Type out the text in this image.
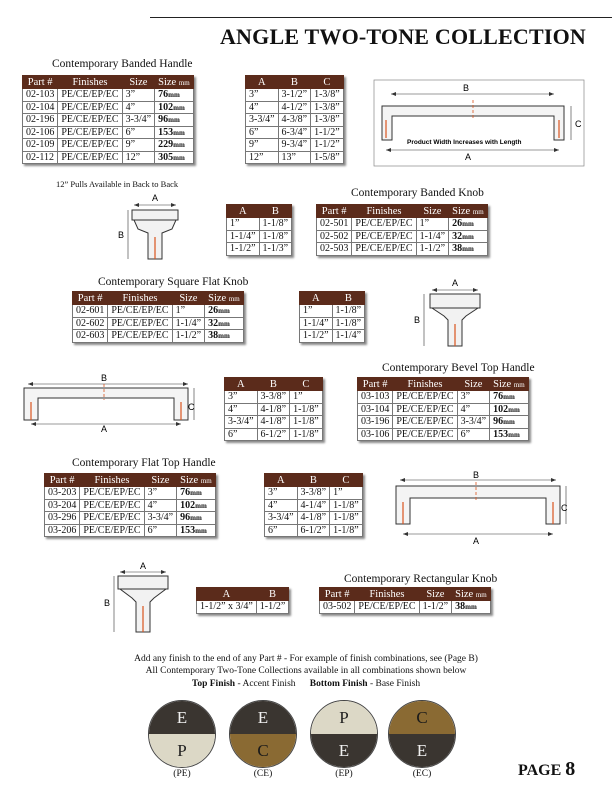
ANGLE TWO-TONE COLLECTION
Contemporary Banded Handle
Part #	Finishes	Size	Size mm
02-103	PE/CE/EP/EC	3”	76mm
02-104	PE/CE/EP/EC	4”	102mm
02-196	PE/CE/EP/EC	3-3/4”	96mm
02-106	PE/CE/EP/EC	6”	153mm
02-109	PE/CE/EP/EC	9”	229mm
02-112	PE/CE/EP/EC	12”	305mm
12” Pulls Available in Back to Back
A	B	C
3”	3-1/2”	1-3/8”
4”	4-1/2”	1-3/8”
3-3/4”	4-3/8”	1-3/8”
6”	6-3/4”	1-1/2”
9”	9-3/4”	1-1/2”
12”	13”	1-5/8”
B
C
Product Width Increases with Length
A
Contemporary Banded Knob
A
B
A	B
1”	1-1/8”
1-1/4”	1-1/8”
1-1/2”	1-1/3”
Part #	Finishes	Size	Size mm
02-501	PE/CE/EP/EC	1”	26mm
02-502	PE/CE/EP/EC	1-1/4”	32mm
02-503	PE/CE/EP/EC	1-1/2”	38mm
Contemporary Square Flat Knob
Part #	Finishes	Size	Size mm
02-601	PE/CE/EP/EC	1”	26mm
02-602	PE/CE/EP/EC	1-1/4”	32mm
02-603	PE/CE/EP/EC	1-1/2”	38mm
A	B
1”	1-1/8”
1-1/4”	1-1/8”
1-1/2”	1-1/4”
A
B
Contemporary Bevel Top Handle
B
C
A
A	B	C
3”	3-3/8”	1”
4”	4-1/8”	1-1/8”
3-3/4”	4-1/8”	1-1/8”
6”	6-1/2”	1-1/8”
Part #	Finishes	Size	Size mm
03-103	PE/CE/EP/EC	3”	76mm
03-104	PE/CE/EP/EC	4”	102mm
03-196	PE/CE/EP/EC	3-3/4”	96mm
03-106	PE/CE/EP/EC	6”	153mm
Contemporary Flat Top Handle
Part #	Finishes	Size	Size mm
03-203	PE/CE/EP/EC	3”	76mm
03-204	PE/CE/EP/EC	4”	102mm
03-296	PE/CE/EP/EC	3-3/4”	96mm
03-206	PE/CE/EP/EC	6”	153mm
A	B	C
3”	3-3/8”	1”
4”	4-1/4”	1-1/8”
3-3/4”	4-1/8”	1-1/8”
6”	6-1/2”	1-1/8”
B
C
A
A
B
A	B
1-1/2” x 3/4”	1-1/2”
Contemporary Rectangular Knob
Part #	Finishes	Size	Size mm
03-502	PE/CE/EP/EC	1-1/2”	38mm
Add any finish to the end of any Part # - For example of finish combinations, see (Page B)
All Contemporary Two-Tone Collections available in all combinations shown below
Top Finish - Accent Finish Bottom Finish - Base Finish
E
P
(PE)
E
C
(CE)
P
E
(EP)
C
E
(EC)	PAGE 8
